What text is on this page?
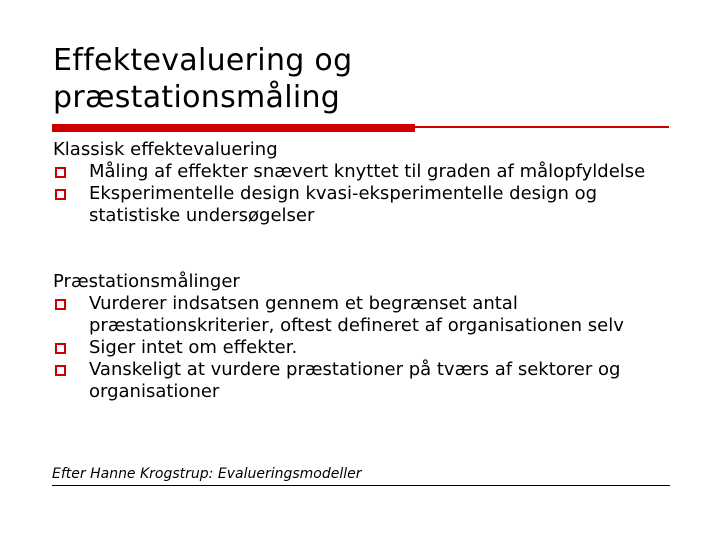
Effektevaluering og
præstationsmåling
Klassisk effektevaluering
Måling af effekter snævert knyttet til graden af målopfyldelse
Eksperimentelle design kvasi-eksperimentelle design og statistiske undersøgelser
Præstationsmålinger
Vurderer indsatsen gennem et begrænset antal præstationskriterier, oftest defineret af organisationen selv
Siger intet om effekter.
Vanskeligt at vurdere præstationer på tværs af sektorer og organisationer
Efter Hanne Krogstrup: Evalueringsmodeller
